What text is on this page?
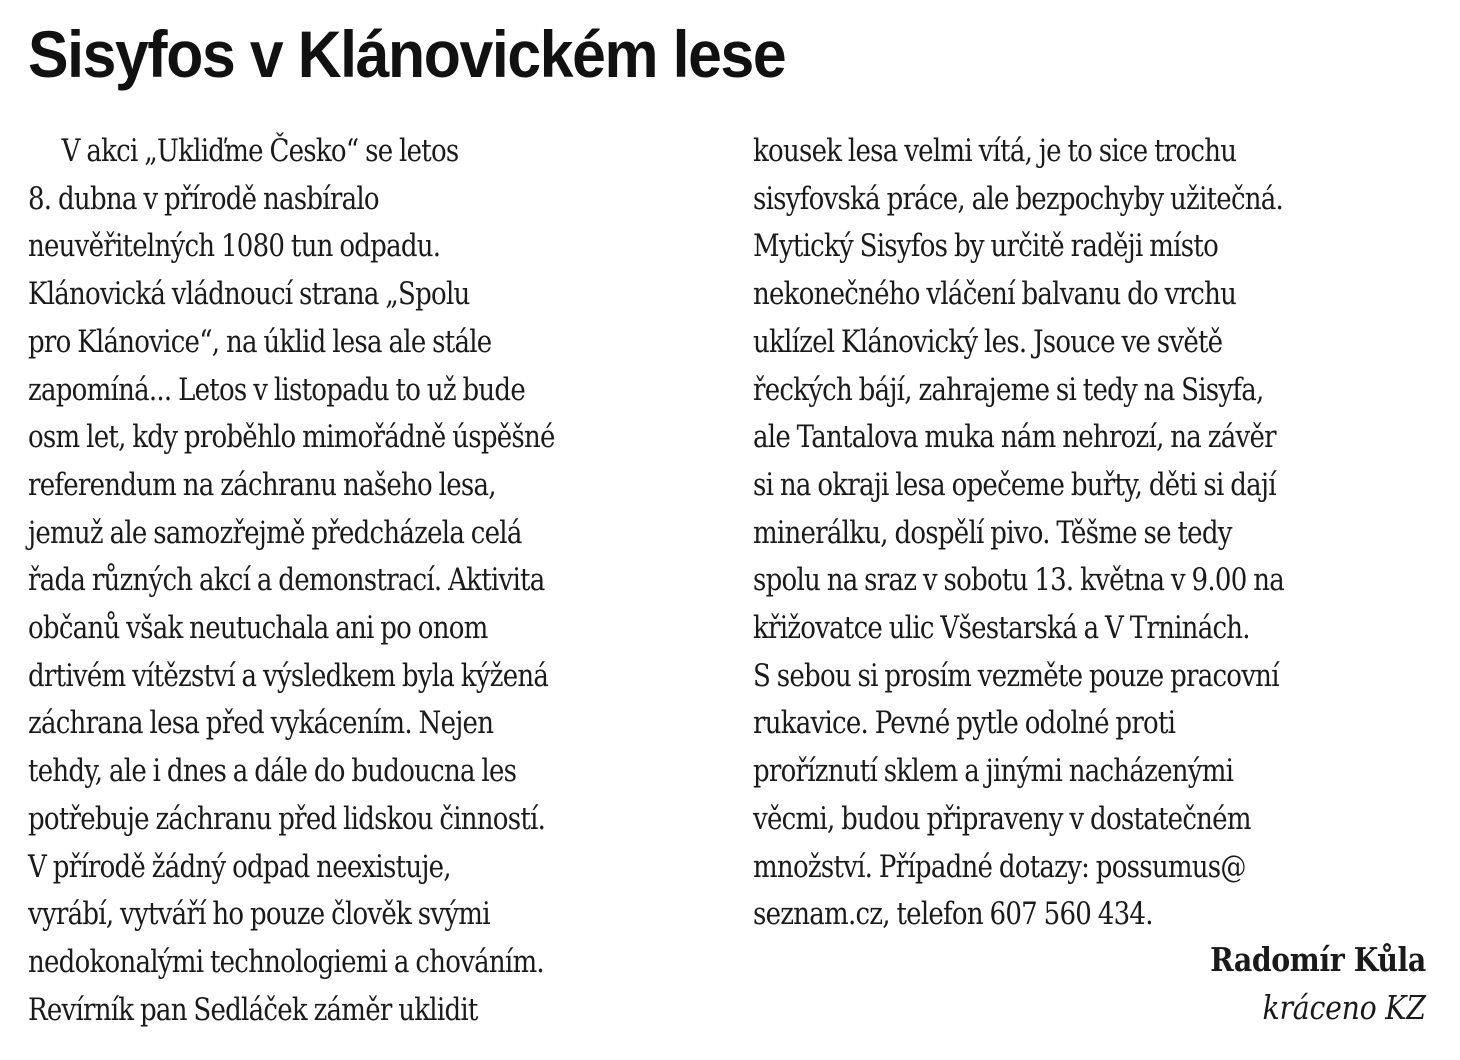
Sisyfos v Klánovickém lese
V akci „Ukliďme Česko“ se letos
8. dubna v přírodě nasbíralo
neuvěřitelných 1080 tun odpadu.
Klánovická vládnoucí strana „Spolu
pro Klánovice“, na úklid lesa ale stále
zapomíná... Letos v listopadu to už bude
osm let, kdy proběhlo mimořádně úspěšné
referendum na záchranu našeho lesa,
jemuž ale samozřejmě předcházela celá
řada různých akcí a demonstrací. Aktivita
občanů však neutuchala ani po onom
drtivém vítězství a výsledkem byla kýžená
záchrana lesa před vykácením. Nejen
tehdy, ale i dnes a dále do budoucna les
potřebuje záchranu před lidskou činností.
V přírodě žádný odpad neexistuje,
vyrábí, vytváří ho pouze člověk svými
nedokonalými technologiemi a chováním.
Revírník pan Sedláček záměr uklidit
kousek lesa velmi vítá, je to sice trochu
sisyfovská práce, ale bezpochyby užitečná.
Mytický Sisyfos by určitě raději místo
nekonečného vláčení balvanu do vrchu
uklízel Klánovický les. Jsouce ve světě
řeckých bájí, zahrajeme si tedy na Sisyfa,
ale Tantalova muka nám nehrozí, na závěr
si na okraji lesa opečeme buřty, děti si dají
minerálku, dospělí pivo. Těšme se tedy
spolu na sraz v sobotu 13. května v 9.00 na
křižovatce ulic Všestarská a V Trninách.
S sebou si prosím vezměte pouze pracovní
rukavice. Pevné pytle odolné proti
proříznutí sklem a jinými nacházenými
věcmi, budou připraveny v dostatečném
množství. Případné dotazy: possumus@
seznam.cz, telefon 607 560 434.
Radomír Kůla
kráceno KZ
